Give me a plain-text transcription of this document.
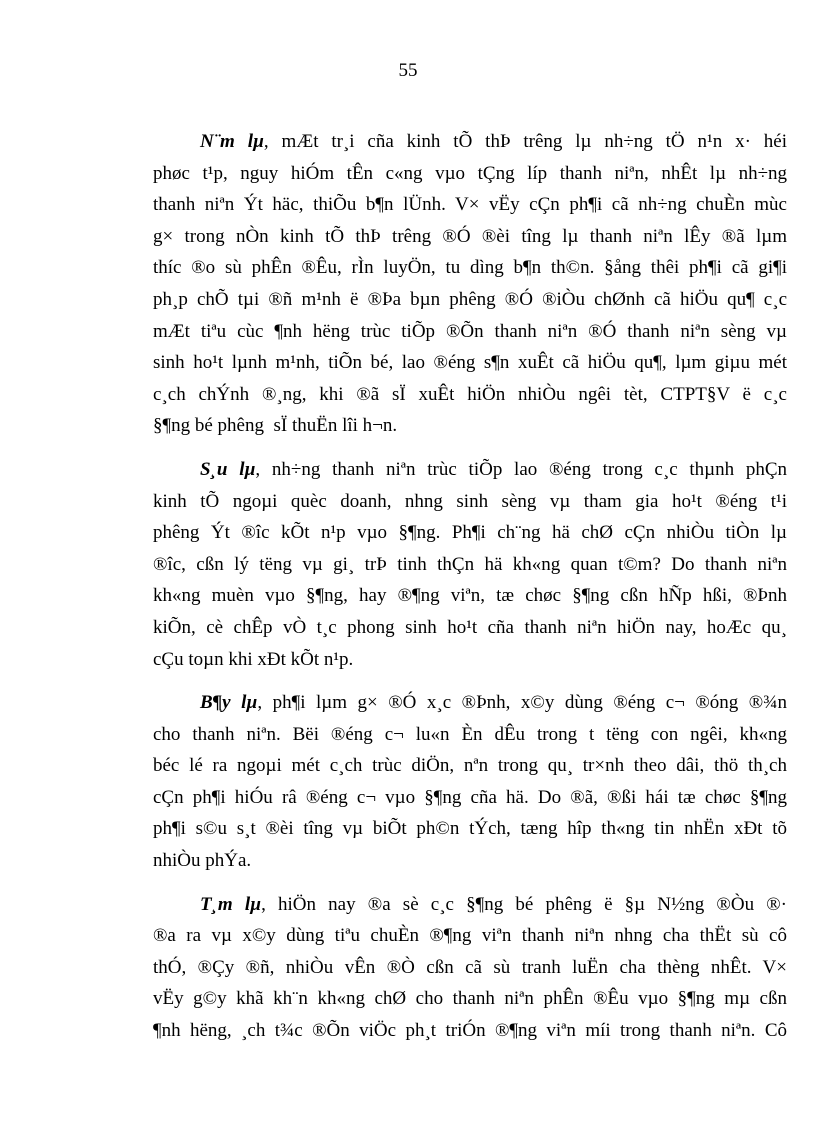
55
N¨m lµ, mÆt tr¸i cña kinh tÕ thÞ trêng lµ nh÷ng tÖ n¹n x· héi
phøc t¹p, nguy hiÓm tÊn c«ng vµo tÇng líp thanh niªn, nhÊt lµ nh÷ng
thanh niªn Ýt häc, thiÕu b¶n lÜnh. V× vËy cÇn ph¶i cã nh÷ng chuÈn mùc
g× trong nÒn kinh tÕ thÞ trêng ®Ó ®èi tîng lµ thanh niªn lÊy ®ã lµm
thíc ®o sù phÊn ®Êu, rÌn luyÖn, tu dìng b¶n th©n. §ång thêi ph¶i cã gi¶i
ph¸p chÕ tµi ®ñ m¹nh ë ®Þa bµn phêng ®Ó ®iÒu chØnh cã hiÖu qu¶ c¸c
mÆt tiªu cùc ¶nh hëng trùc tiÕp ®Õn thanh niªn ®Ó thanh niªn sèng vµ
sinh ho¹t lµnh m¹nh, tiÕn bé, lao ®éng s¶n xuÊt cã hiÖu qu¶, lµm giµu mét
c¸ch chÝnh ®¸ng, khi ®ã sÏ xuÊt hiÖn nhiÒu ngêi tèt, CTPT§V ë c¸c
§¶ng bé phêng  sÏ thuËn lîi h¬n.
S¸u lµ, nh÷ng thanh niªn trùc tiÕp lao ®éng trong c¸c thµnh phÇn
kinh tÕ ngoµi quèc doanh, nhng sinh sèng vµ tham gia ho¹t ®éng t¹i
phêng Ýt ®îc kÕt n¹p vµo §¶ng. Ph¶i ch¨ng hä chØ cÇn nhiÒu tiÒn lµ
®îc, cßn lý tëng vµ gi¸ trÞ tinh thÇn hä kh«ng quan t©m? Do thanh niªn
kh«ng muèn vµo §¶ng, hay ®¶ng viªn, tæ chøc §¶ng cßn hÑp hßi, ®Þnh
kiÕn, cè chÊp vÒ t¸c phong sinh ho¹t cña thanh niªn hiÖn nay, hoÆc qu¸
cÇu toµn khi xÐt kÕt n¹p.
B¶y lµ, ph¶i lµm g× ®Ó x¸c ®Þnh, x©y dùng ®éng c¬ ®óng ®¾n
cho thanh niªn. Bëi ®éng c¬ lu«n Èn dÊu trong t tëng con ngêi, kh«ng
béc lé ra ngoµi mét c¸ch trùc diÖn, nªn trong qu¸ tr×nh theo dâi, thö th¸ch
cÇn ph¶i hiÓu râ ®éng c¬ vµo §¶ng cña hä. Do ®ã, ®ßi hái tæ chøc §¶ng
ph¶i s©u s¸t ®èi tîng vµ biÕt ph©n tÝch, tæng hîp th«ng tin nhËn xÐt tõ
nhiÒu phÝa.
T¸m lµ, hiÖn nay ®a sè c¸c §¶ng bé phêng ë §µ N½ng ®Òu ®·
®a ra vµ x©y dùng tiªu chuÈn ®¶ng viªn thanh niªn nhng cha thËt sù cô
thÓ, ®Çy ®ñ, nhiÒu vÊn ®Ò cßn cã sù tranh luËn cha thèng nhÊt. V×
vËy g©y khã kh¨n kh«ng chØ cho thanh niªn phÊn ®Êu vµo §¶ng mµ cßn
¶nh hëng, ¸ch t¾c ®Õn viÖc ph¸t triÓn ®¶ng viªn míi trong thanh niªn. Cô
